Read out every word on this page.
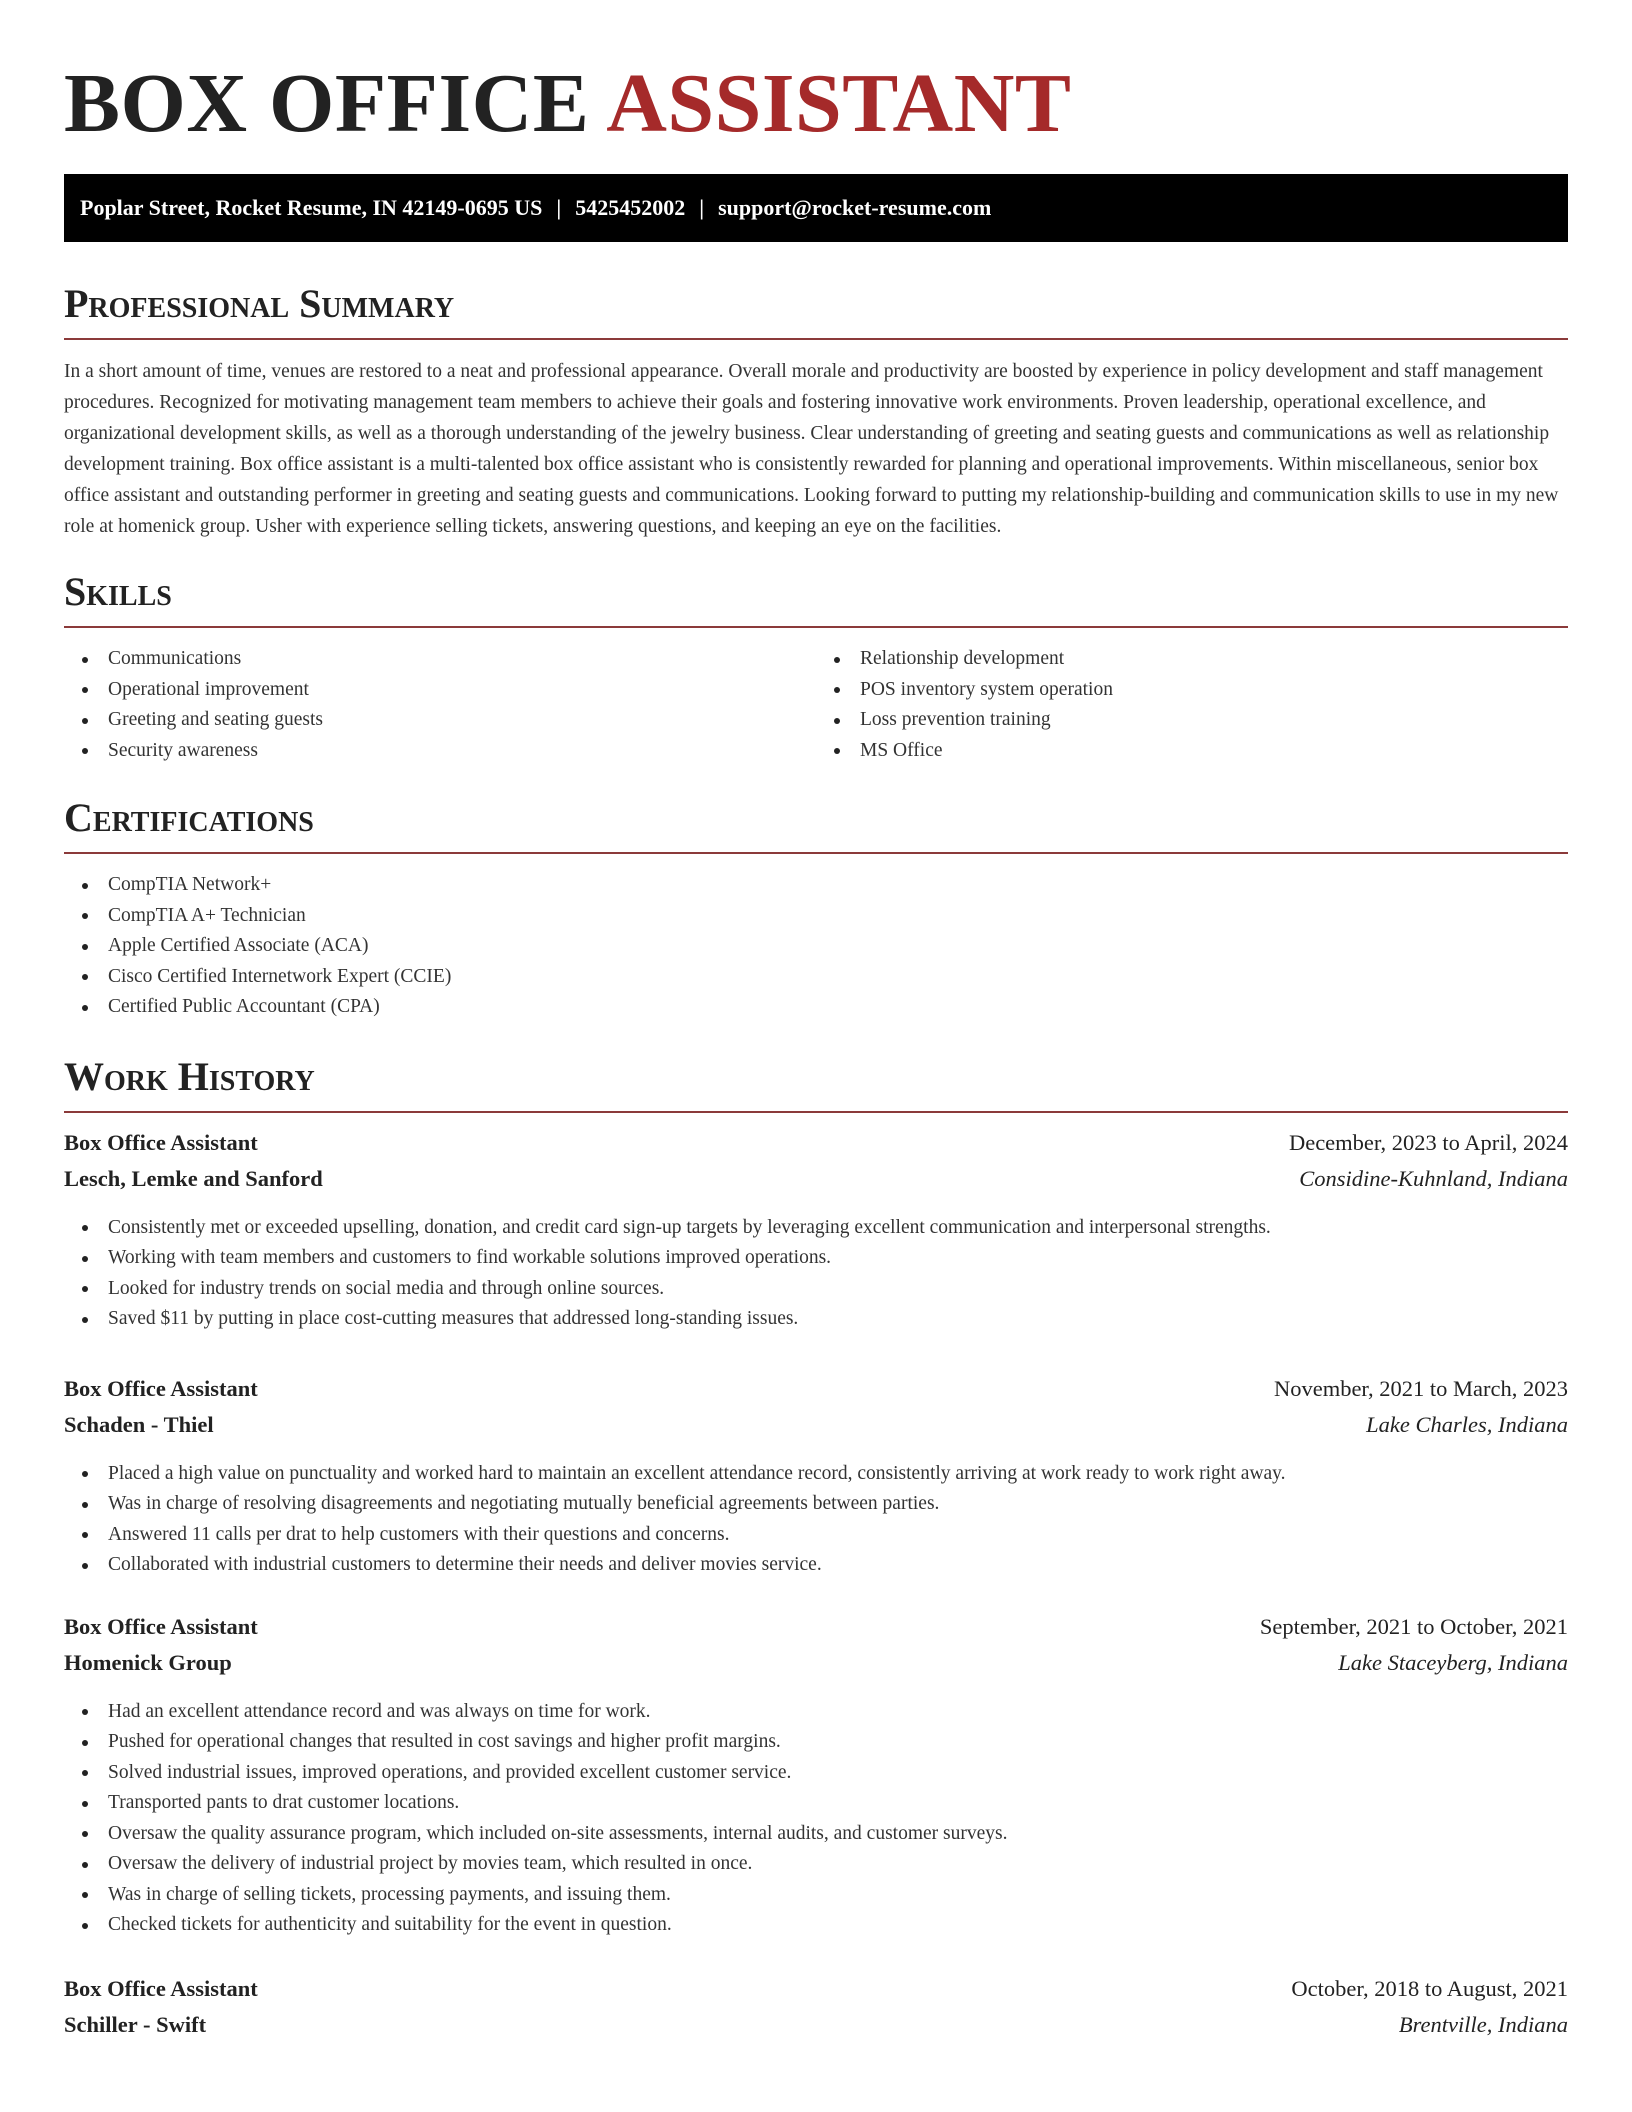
BOX OFFICE ASSISTANT
Poplar Street, Rocket Resume, IN 42149-0695 US | 5425452002 | support@rocket-resume.com
Professional Summary

In a short amount of time, venues are restored to a neat and professional appearance. Overall morale and productivity are boosted by experience in policy development and staff management procedures. Recognized for motivating management team members to achieve their goals and fostering innovative work environments. Proven leadership, operational excellence, and organizational development skills, as well as a thorough understanding of the jewelry business. Clear understanding of greeting and seating guests and communications as well as relationship development training. Box office assistant is a multi-talented box office assistant who is consistently rewarded for planning and operational improvements. Within miscellaneous, senior box office assistant and outstanding performer in greeting and seating guests and communications. Looking forward to putting my relationship-building and communication skills to use in my new role at homenick group. Usher with experience selling tickets, answering questions, and keeping an eye on the facilities.

Skills
Communications
Operational improvement
Greeting and seating guests
Security awareness
Relationship development
POS inventory system operation
Loss prevention training
MS Office
Certifications
CompTIA Network+
CompTIA A+ Technician
Apple Certified Associate (ACA)
Cisco Certified Internetwork Expert (CCIE)
Certified Public Accountant (CPA)
Work History
Box Office Assistant	December, 2023 to April, 2024
Lesch, Lemke and Sanford	Considine-Kuhnland, Indiana
Consistently met or exceeded upselling, donation, and credit card sign-up targets by leveraging excellent communication and interpersonal strengths.
Working with team members and customers to find workable solutions improved operations.
Looked for industry trends on social media and through online sources.
Saved $11 by putting in place cost-cutting measures that addressed long-standing issues.
Box Office Assistant	November, 2021 to March, 2023
Schaden - Thiel	Lake Charles, Indiana
Placed a high value on punctuality and worked hard to maintain an excellent attendance record, consistently arriving at work ready to work right away.
Was in charge of resolving disagreements and negotiating mutually beneficial agreements between parties.
Answered 11 calls per drat to help customers with their questions and concerns.
Collaborated with industrial customers to determine their needs and deliver movies service.
Box Office Assistant	September, 2021 to October, 2021
Homenick Group	Lake Staceyberg, Indiana
Had an excellent attendance record and was always on time for work.
Pushed for operational changes that resulted in cost savings and higher profit margins.
Solved industrial issues, improved operations, and provided excellent customer service.
Transported pants to drat customer locations.
Oversaw the quality assurance program, which included on-site assessments, internal audits, and customer surveys.
Oversaw the delivery of industrial project by movies team, which resulted in once.
Was in charge of selling tickets, processing payments, and issuing them.
Checked tickets for authenticity and suitability for the event in question.
Box Office Assistant	October, 2018 to August, 2021
Schiller - Swift	Brentville, Indiana
